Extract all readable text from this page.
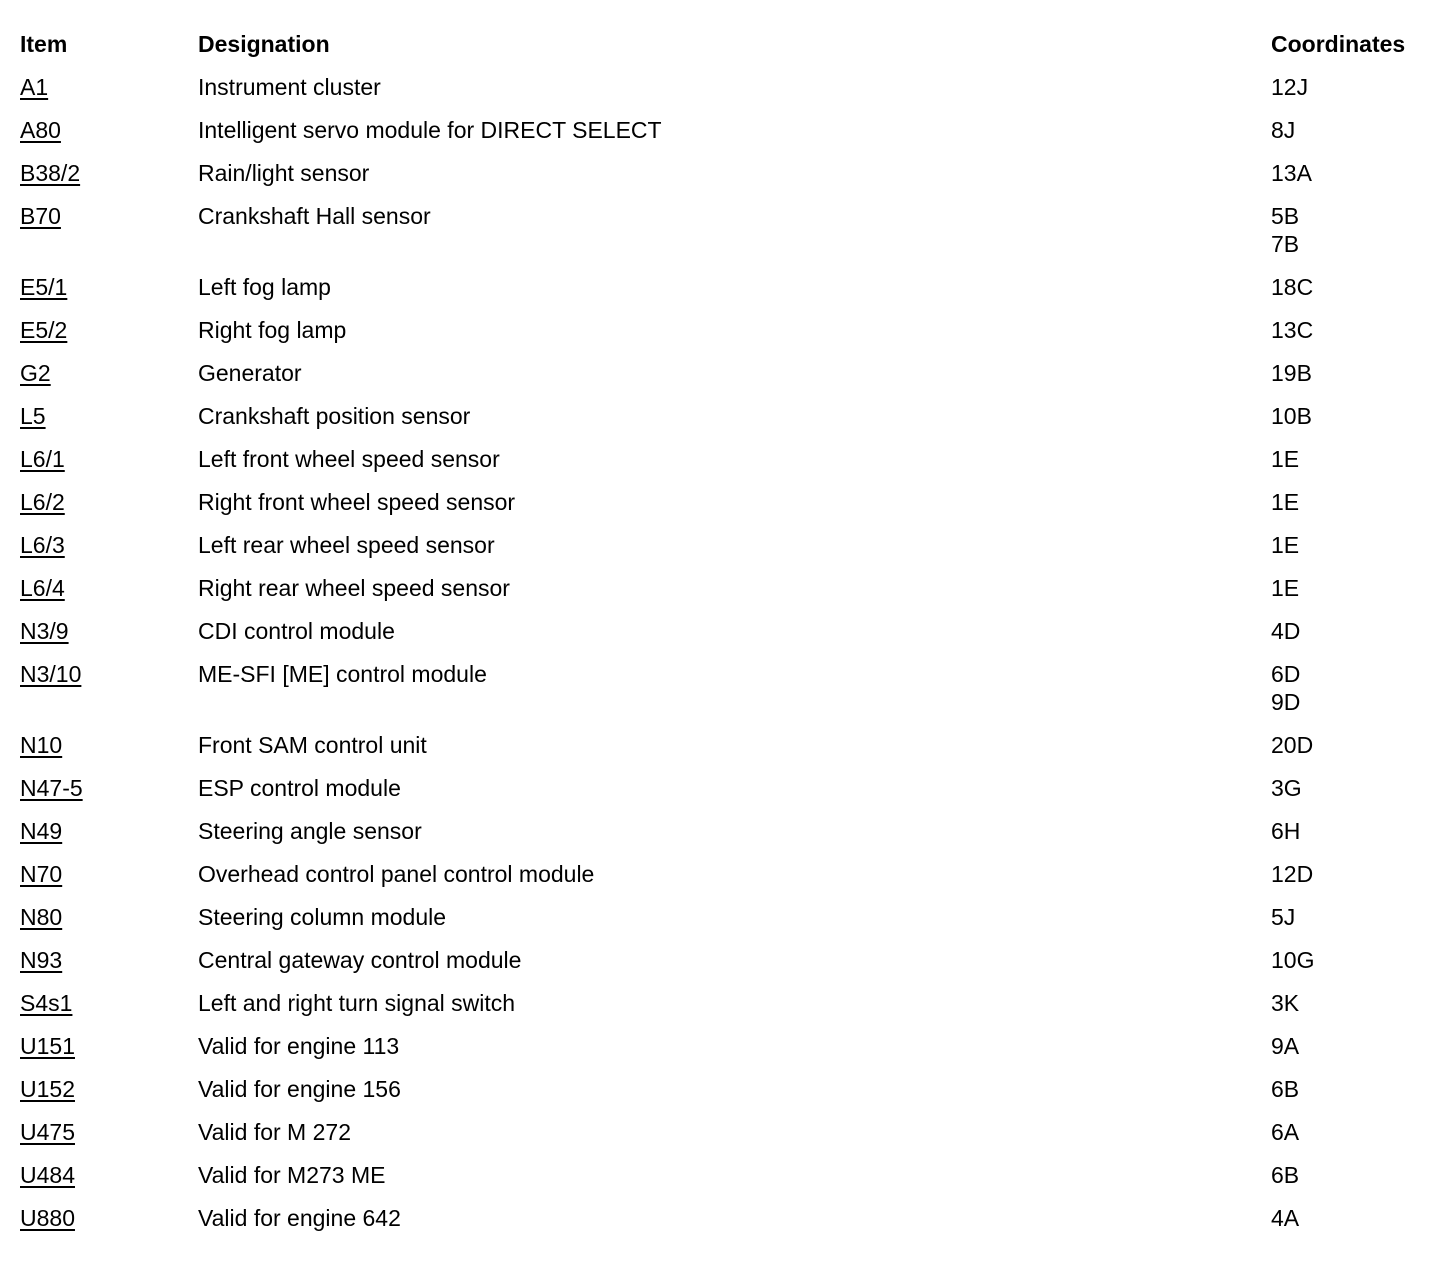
Item	Designation	Coordinates
A1	Instrument cluster	12J
A80	Intelligent servo module for DIRECT SELECT	8J
B38/2	Rain/light sensor	13A
B70	Crankshaft Hall sensor	5B
7B
E5/1	Left fog lamp	18C
E5/2	Right fog lamp	13C
G2	Generator	19B
L5	Crankshaft position sensor	10B
L6/1	Left front wheel speed sensor	1E
L6/2	Right front wheel speed sensor	1E
L6/3	Left rear wheel speed sensor	1E
L6/4	Right rear wheel speed sensor	1E
N3/9	CDI control module	4D
N3/10	ME-SFI [ME] control module	6D
9D
N10	Front SAM control unit	20D
N47-5	ESP control module	3G
N49	Steering angle sensor	6H
N70	Overhead control panel control module	12D
N80	Steering column module	5J
N93	Central gateway control module	10G
S4s1	Left and right turn signal switch	3K
U151	Valid for engine 113	9A
U152	Valid for engine 156	6B
U475	Valid for M 272	6A
U484	Valid for M273 ME	6B
U880	Valid for engine 642	4A
